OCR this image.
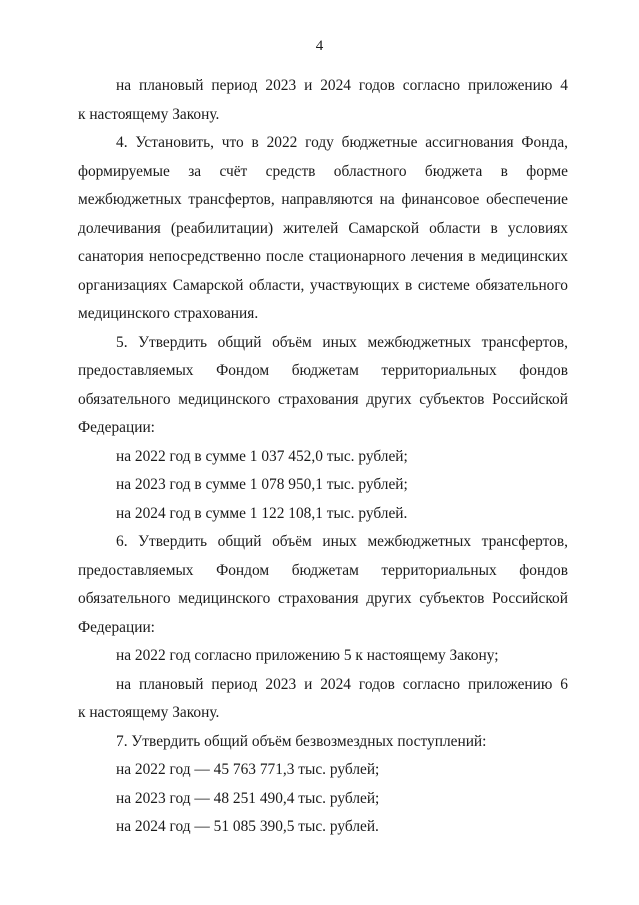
4
на плановый период 2023 и 2024 годов согласно приложению 4
к настоящему Закону.
4. Установить, что в 2022 году бюджетные ассигнования Фонда,
формируемые за счёт средств областного бюджета в форме
межбюджетных трансфертов, направляются на финансовое обеспечение
долечивания (реабилитации) жителей Самарской области в условиях
санатория непосредственно после стационарного лечения в медицинских
организациях Самарской области, участвующих в системе обязательного
медицинского страхования.
5. Утвердить общий объём иных межбюджетных трансфертов,
предоставляемых Фондом бюджетам территориальных фондов
обязательного медицинского страхования других субъектов Российской
Федерации:
на 2022 год в сумме 1 037 452,0 тыс. рублей;
на 2023 год в сумме 1 078 950,1 тыс. рублей;
на 2024 год в сумме 1 122 108,1 тыс. рублей.
6. Утвердить общий объём иных межбюджетных трансфертов,
предоставляемых Фондом бюджетам территориальных фондов
обязательного медицинского страхования других субъектов Российской
Федерации:
на 2022 год согласно приложению 5 к настоящему Закону;
на плановый период 2023 и 2024 годов согласно приложению 6
к настоящему Закону.
7. Утвердить общий объём безвозмездных поступлений:
на 2022 год — 45 763 771,3 тыс. рублей;
на 2023 год — 48 251 490,4 тыс. рублей;
на 2024 год — 51 085 390,5 тыс. рублей.
